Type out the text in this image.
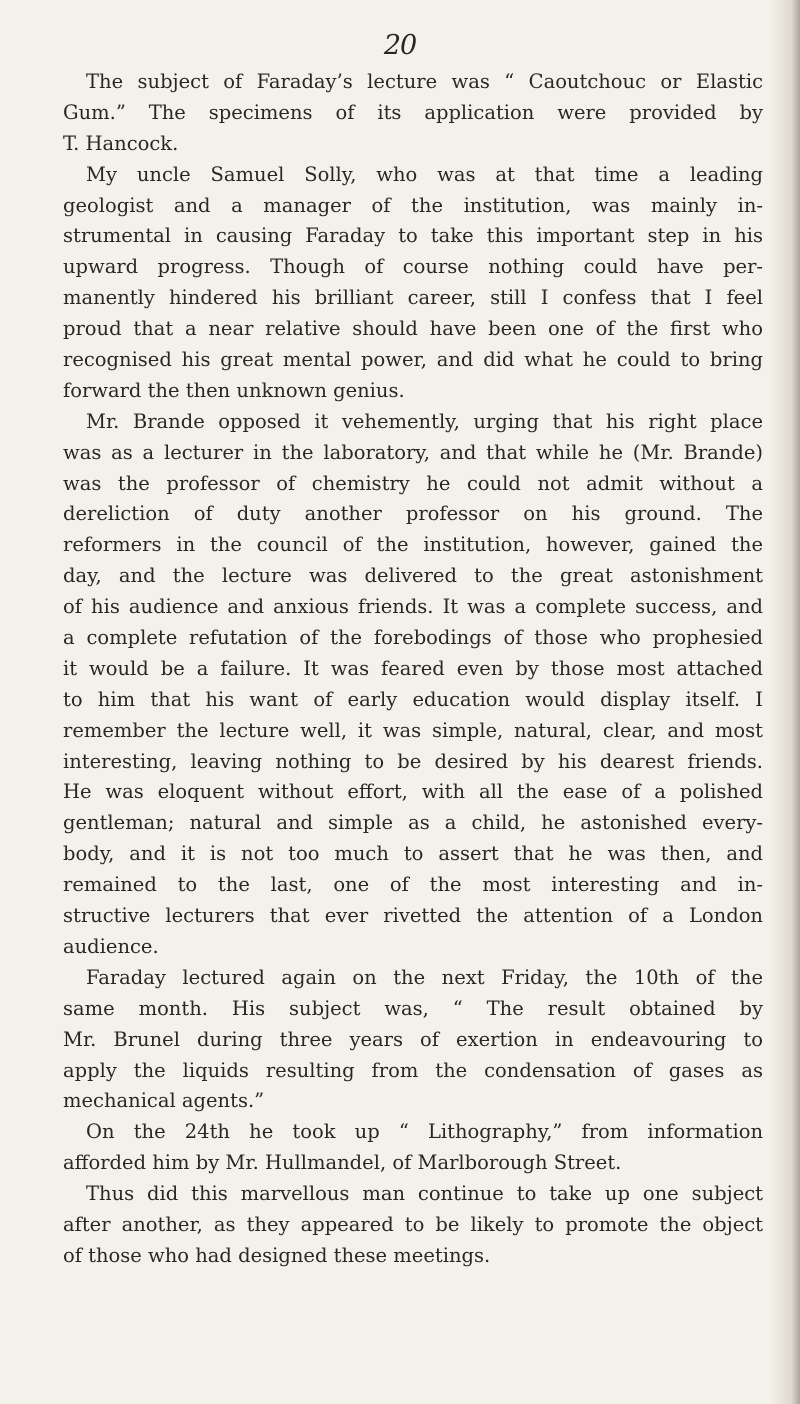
20
The subject of Faraday’s lecture was “ Caoutchouc or Elastic
Gum.” The specimens of its application were provided by
T. Hancock.
My uncle Samuel Solly, who was at that time a leading
geologist and a manager of the institution, was mainly in-
strumental in causing Faraday to take this important step in his
upward progress. Though of course nothing could have per-
manently hindered his brilliant career, still I confess that I feel
proud that a near relative should have been one of the first who
recognised his great mental power, and did what he could to bring
forward the then unknown genius.
Mr. Brande opposed it vehemently, urging that his right place
was as a lecturer in the laboratory, and that while he (Mr. Brande)
was the professor of chemistry he could not admit without a
dereliction of duty another professor on his ground. The
reformers in the council of the institution, however, gained the
day, and the lecture was delivered to the great astonishment
of his audience and anxious friends. It was a complete success, and
a complete refutation of the forebodings of those who prophesied
it would be a failure. It was feared even by those most attached
to him that his want of early education would display itself. I
remember the lecture well, it was simple, natural, clear, and most
interesting, leaving nothing to be desired by his dearest friends.
He was eloquent without effort, with all the ease of a polished
gentleman; natural and simple as a child, he astonished every-
body, and it is not too much to assert that he was then, and
remained to the last, one of the most interesting and in-
structive lecturers that ever rivetted the attention of a London
audience.
Faraday lectured again on the next Friday, the 10th of the
same month. His subject was, “ The result obtained by
Mr. Brunel during three years of exertion in endeavouring to
apply the liquids resulting from the condensation of gases as
mechanical agents.”
On the 24th he took up “ Lithography,” from information
afforded him by Mr. Hullmandel, of Marlborough Street.
Thus did this marvellous man continue to take up one subject
after another, as they appeared to be likely to promote the object
of those who had designed these meetings.
